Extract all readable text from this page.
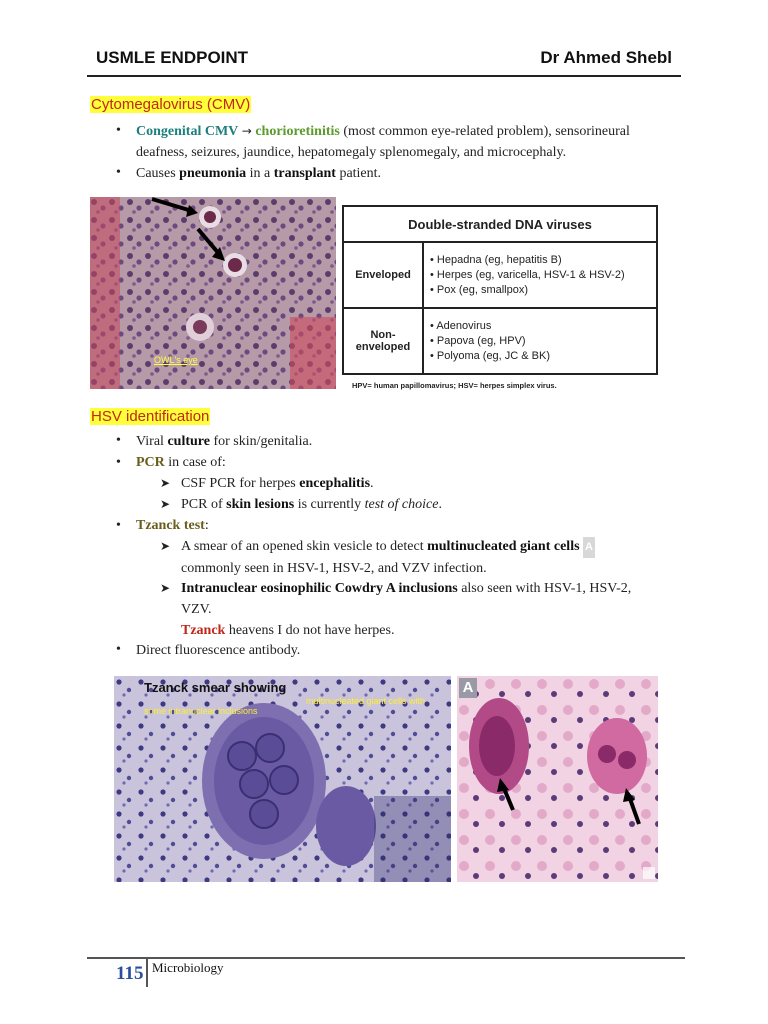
USMLE ENDPOINT	Dr Ahmed Shebl
Cytomegalovirus (CMV)
• Congenital CMV → chorioretinitis (most common eye-related problem), sensorineural
deafness, seizures, jaundice, hepatomegaly splenomegaly, and microcephaly.
• Causes pneumonia in a transplant patient.
OWL's eye
Double-stranded DNA viruses	
Enveloped	• Hepadna (eg, hepatitis B)
• Herpes (eg, varicella, HSV-1 & HSV-2)
• Pox (eg, smallpox)
Non-
enveloped	• Adenovirus
• Papova (eg, HPV)
• Polyoma (eg, JC & BK)
HPV= human papillomavirus; HSV= herpes simplex virus.
HSV identification
• Viral culture for skin/genitalia.
• PCR in case of:
➤ CSF PCR for herpes encephalitis.
➤ PCR of skin lesions is currently test of choice.
• Tzanck test:
➤ A smear of an opened skin vesicle to detect multinucleated giant cells A
commonly seen in HSV-1, HSV-2, and VZV infection.
➤ Intranuclear eosinophilic Cowdry A inclusions also seen with HSV-1, HSV-2,
VZV.
Tzanck heavens I do not have herpes.
• Direct fluorescence antibody.
Tzanck smear showing
multinucleated giant cells with some intranuclear inclusions
A
115 Microbiology
